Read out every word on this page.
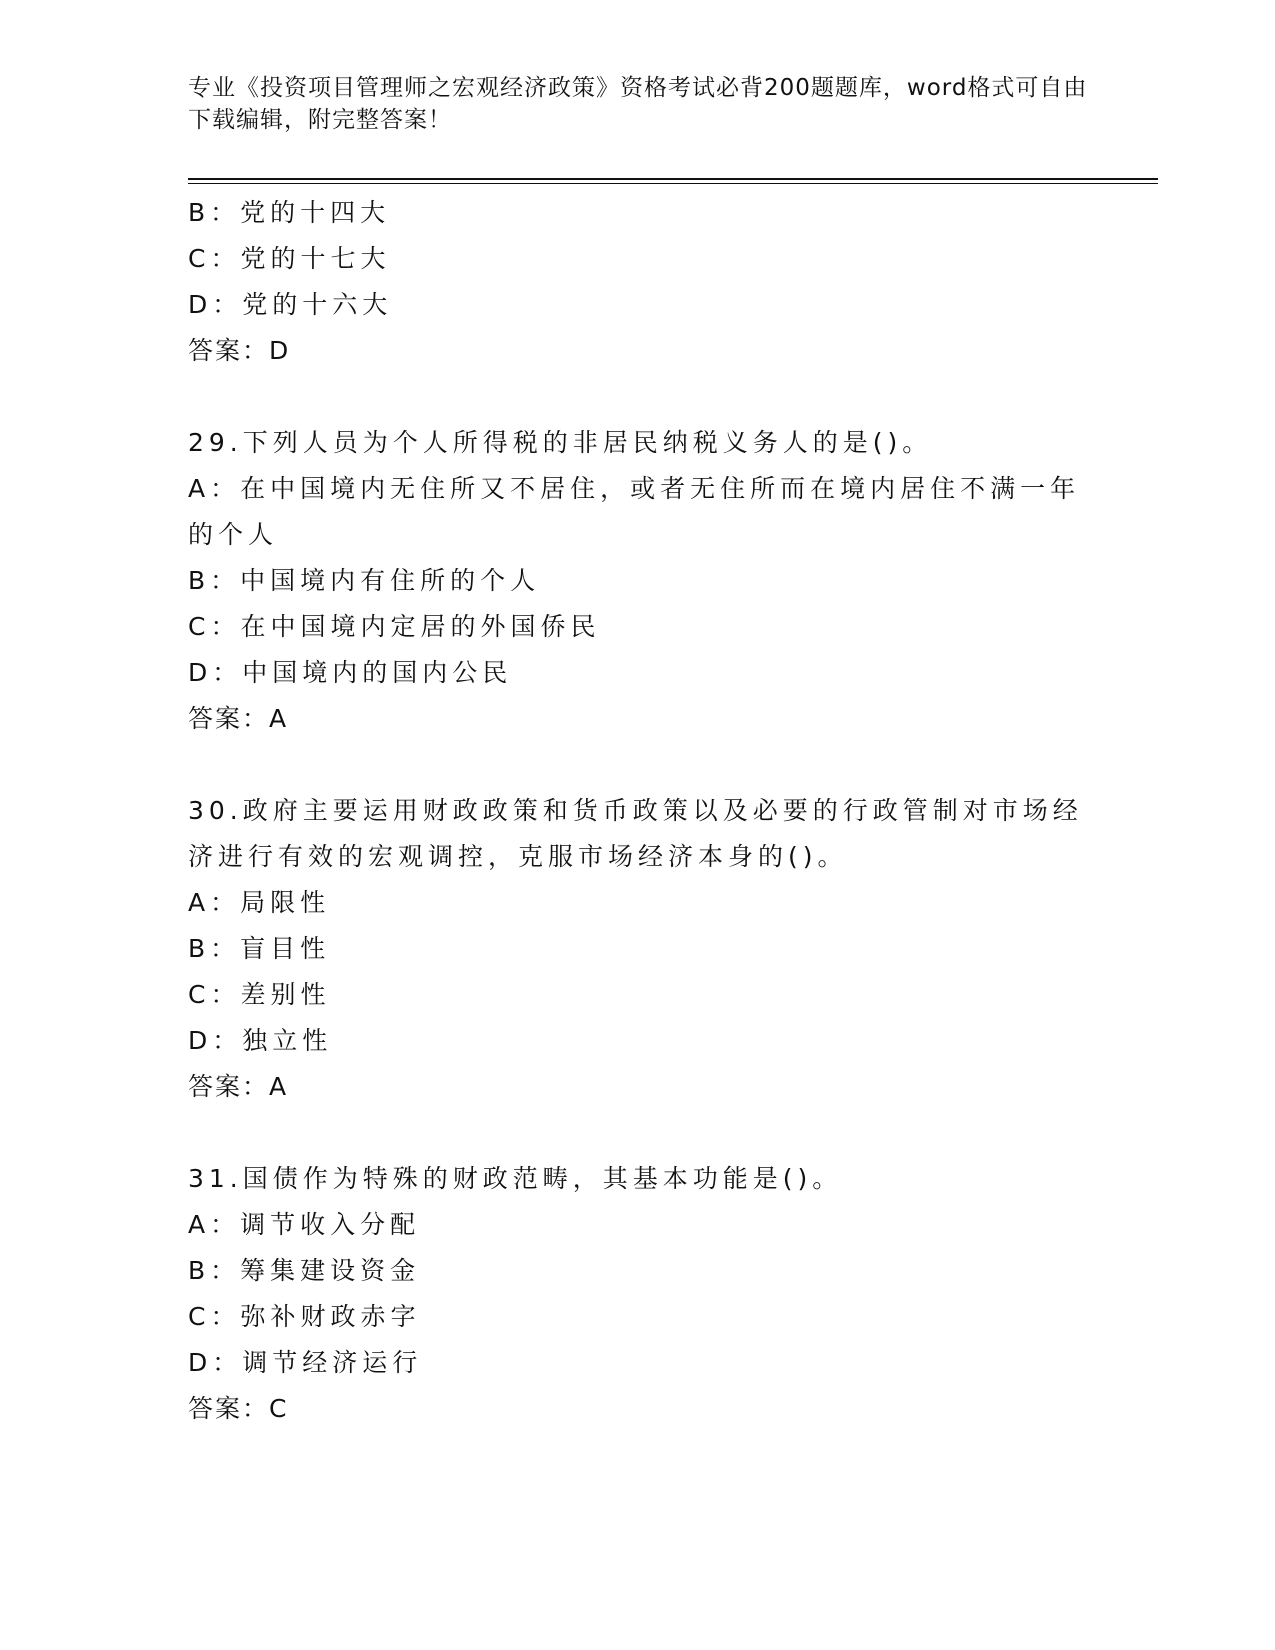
专业《投资项目管理师之宏观经济政策》资格考试必背200题题库，word格式可自由下载编辑，附完整答案！
B：党的十四大
C：党的十七大
D：党的十六大
答案：D
29.下列人员为个人所得税的非居民纳税义务人的是()。
A：在中国境内无住所又不居住，或者无住所而在境内居住不满一年的个人
B：中国境内有住所的个人
C：在中国境内定居的外国侨民
D：中国境内的国内公民
答案：A
30.政府主要运用财政政策和货币政策以及必要的行政管制对市场经济进行有效的宏观调控，克服市场经济本身的()。
A：局限性
B：盲目性
C：差别性
D：独立性
答案：A
31.国债作为特殊的财政范畴，其基本功能是()。
A：调节收入分配
B：筹集建设资金
C：弥补财政赤字
D：调节经济运行
答案：C
